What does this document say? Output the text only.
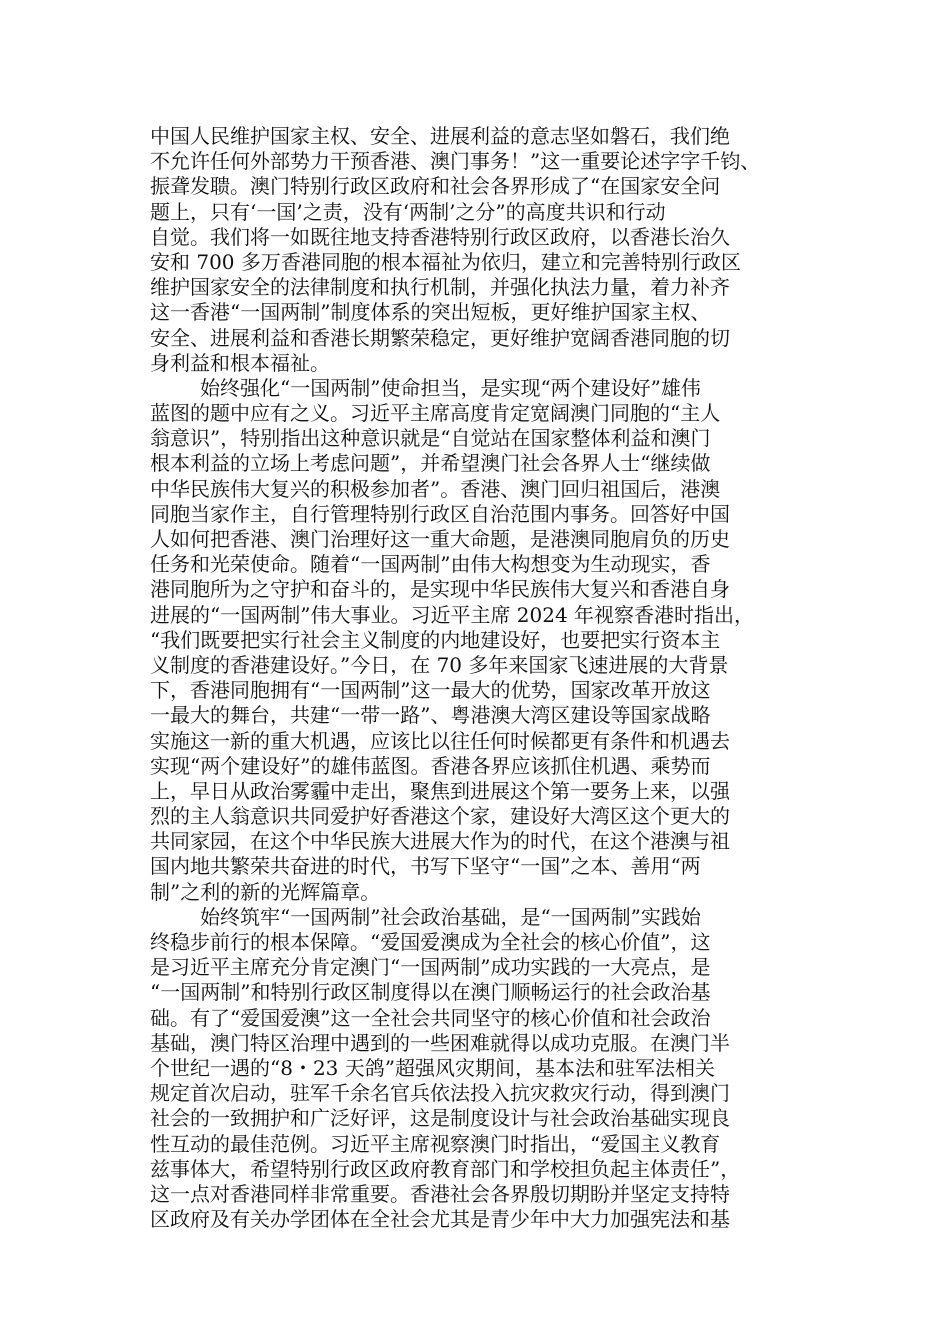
中国人民维护国家主权、安全、进展利益的意志坚如磐石，我们绝
不允许任何外部势力干预香港、澳门事务！”这一重要论述字字千钧、
振聋发聩。澳门特别行政区政府和社会各界形成了“在国家安全问
题上，只有‘一国’之责，没有‘两制’之分”的高度共识和行动
自觉。我们将一如既往地支持香港特别行政区政府，以香港长治久
安和 700 多万香港同胞的根本福祉为依归，建立和完善特别行政区
维护国家安全的法律制度和执行机制，并强化执法力量，着力补齐
这一香港“一国两制”制度体系的突出短板，更好维护国家主权、
安全、进展利益和香港长期繁荣稳定，更好维护宽阔香港同胞的切
身利益和根本福祉。
始终强化“一国两制”使命担当，是实现“两个建设好”雄伟
蓝图的题中应有之义。习近平主席高度肯定宽阔澳门同胞的“主人
翁意识”，特别指出这种意识就是“自觉站在国家整体利益和澳门
根本利益的立场上考虑问题”，并希望澳门社会各界人士“继续做
中华民族伟大复兴的积极参加者”。香港、澳门回归祖国后，港澳
同胞当家作主，自行管理特别行政区自治范围内事务。回答好中国
人如何把香港、澳门治理好这一重大命题，是港澳同胞肩负的历史
任务和光荣使命。随着“一国两制”由伟大构想变为生动现实，香
港同胞所为之守护和奋斗的，是实现中华民族伟大复兴和香港自身
进展的“一国两制”伟大事业。习近平主席 2024 年视察香港时指出，
“我们既要把实行社会主义制度的内地建设好，也要把实行资本主
义制度的香港建设好。”今日，在 70 多年来国家飞速进展的大背景
下，香港同胞拥有“一国两制”这一最大的优势，国家改革开放这
一最大的舞台，共建“一带一路”、粤港澳大湾区建设等国家战略
实施这一新的重大机遇，应该比以往任何时候都更有条件和机遇去
实现“两个建设好”的雄伟蓝图。香港各界应该抓住机遇、乘势而
上，早日从政治雾霾中走出，聚焦到进展这个第一要务上来，以强
烈的主人翁意识共同爱护好香港这个家，建设好大湾区这个更大的
共同家园，在这个中华民族大进展大作为的时代，在这个港澳与祖
国内地共繁荣共奋进的时代，书写下坚守“一国”之本、善用“两
制”之利的新的光辉篇章。
始终筑牢“一国两制”社会政治基础，是“一国两制”实践始
终稳步前行的根本保障。“爱国爱澳成为全社会的核心价值”，这
是习近平主席充分肯定澳门“一国两制”成功实践的一大亮点，是
“一国两制”和特别行政区制度得以在澳门顺畅运行的社会政治基
础。有了“爱国爱澳”这一全社会共同坚守的核心价值和社会政治
基础，澳门特区治理中遇到的一些困难就得以成功克服。在澳门半
个世纪一遇的“8・23 天鸽”超强风灾期间，基本法和驻军法相关
规定首次启动，驻军千余名官兵依法投入抗灾救灾行动，得到澳门
社会的一致拥护和广泛好评，这是制度设计与社会政治基础实现良
性互动的最佳范例。习近平主席视察澳门时指出，“爱国主义教育
兹事体大，希望特别行政区政府教育部门和学校担负起主体责任”，
这一点对香港同样非常重要。香港社会各界殷切期盼并坚定支持特
区政府及有关办学团体在全社会尤其是青少年中大力加强宪法和基
